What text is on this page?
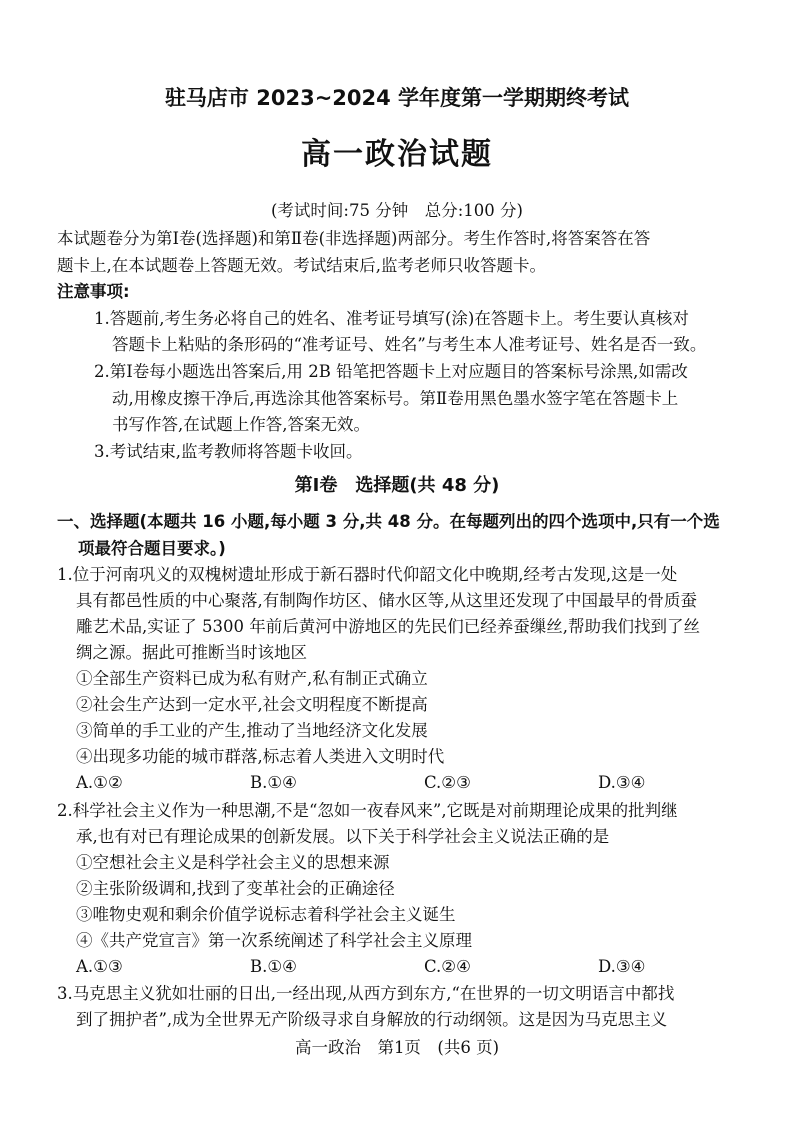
驻马店市 2023~2024 学年度第一学期期终考试
高一政治试题
(考试时间:75 分钟　总分:100 分)
本试题卷分为第Ⅰ卷(选择题)和第Ⅱ卷(非选择题)两部分。考生作答时,将答案答在答
题卡上,在本试题卷上答题无效。考试结束后,监考老师只收答题卡。
注意事项:
1.答题前,考生务必将自己的姓名、准考证号填写(涂)在答题卡上。考生要认真核对
答题卡上粘贴的条形码的“准考证号、姓名”与考生本人准考证号、姓名是否一致。
2.第Ⅰ卷每小题选出答案后,用 2B 铅笔把答题卡上对应题目的答案标号涂黑,如需改
动,用橡皮擦干净后,再选涂其他答案标号。第Ⅱ卷用黑色墨水签字笔在答题卡上
书写作答,在试题上作答,答案无效。
3.考试结束,监考教师将答题卡收回。
第Ⅰ卷　选择题(共 48 分)
一、选择题(本题共 16 小题,每小题 3 分,共 48 分。在每题列出的四个选项中,只有一个选
项最符合题目要求。)
1.位于河南巩义的双槐树遗址形成于新石器时代仰韶文化中晚期,经考古发现,这是一处
具有都邑性质的中心聚落,有制陶作坊区、储水区等,从这里还发现了中国最早的骨质蚕
雕艺术品,实证了 5300 年前后黄河中游地区的先民们已经养蚕缫丝,帮助我们找到了丝
绸之源。据此可推断当时该地区
①全部生产资料已成为私有财产,私有制正式确立
②社会生产达到一定水平,社会文明程度不断提高
③简单的手工业的产生,推动了当地经济文化发展
④出现多功能的城市群落,标志着人类进入文明时代
A.①②	B.①④	C.②③	D.③④
2.科学社会主义作为一种思潮,不是“忽如一夜春风来”,它既是对前期理论成果的批判继
承,也有对已有理论成果的创新发展。以下关于科学社会主义说法正确的是
①空想社会主义是科学社会主义的思想来源
②主张阶级调和,找到了变革社会的正确途径
③唯物史观和剩余价值学说标志着科学社会主义诞生
④《共产党宣言》第一次系统阐述了科学社会主义原理
A.①③	B.①④	C.②④	D.③④
3.马克思主义犹如壮丽的日出,一经出现,从西方到东方,“在世界的一切文明语言中都找
到了拥护者”,成为全世界无产阶级寻求自身解放的行动纲领。这是因为马克思主义
高一政治　第1页　(共6 页)
